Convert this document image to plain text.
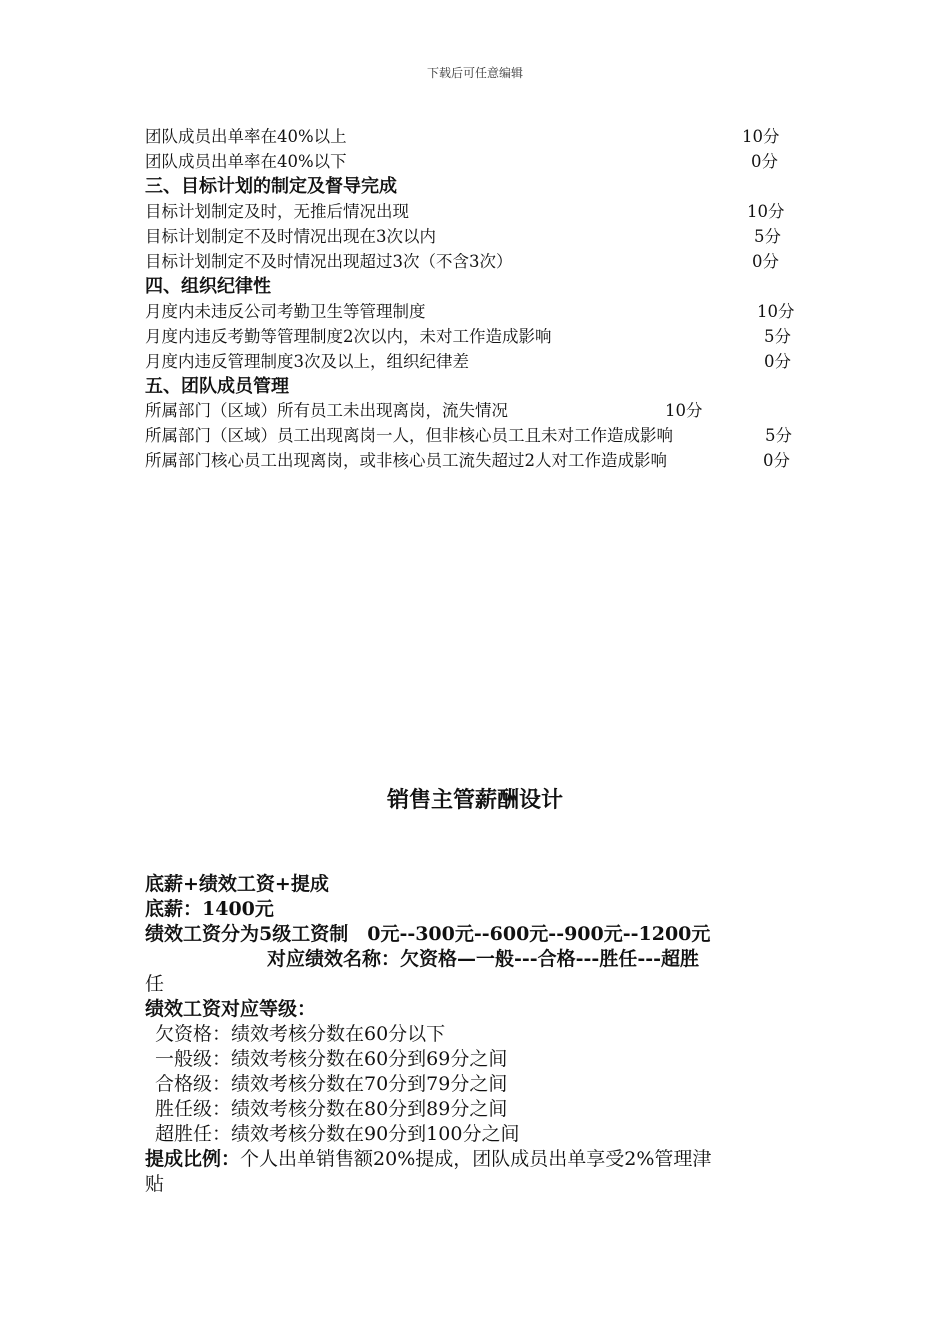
下载后可任意编辑
团队成员出单率在40%以上	10分
团队成员出单率在40%以下	0分
三、目标计划的制定及督导完成
目标计划制定及时，无推后情况出现	10分
目标计划制定不及时情况出现在3次以内	5分
目标计划制定不及时情况出现超过3次（不含3次）	0分
四、组织纪律性
月度内未违反公司考勤卫生等管理制度	10分
月度内违反考勤等管理制度2次以内，未对工作造成影响	5分
月度内违反管理制度3次及以上，组织纪律差	0分
五、团队成员管理
所属部门（区域）所有员工未出现离岗，流失情况	10分
所属部门（区域）员工出现离岗一人，但非核心员工且未对工作造成影响	5分
所属部门核心员工出现离岗，或非核心员工流失超过2人对工作造成影响	0分
销售主管薪酬设计
底薪+绩效工资+提成
底薪：1400元
绩效工资分为5级工资制　0元--300元--600元--900元--1200元
对应绩效名称：欠资格—一般---合格---胜任---超胜
任
绩效工资对应等级：
欠资格：绩效考核分数在60分以下
一般级：绩效考核分数在60分到69分之间
合格级：绩效考核分数在70分到79分之间
胜任级：绩效考核分数在80分到89分之间
超胜任：绩效考核分数在90分到100分之间
提成比例：个人出单销售额20%提成，团队成员出单享受2%管理津
贴
